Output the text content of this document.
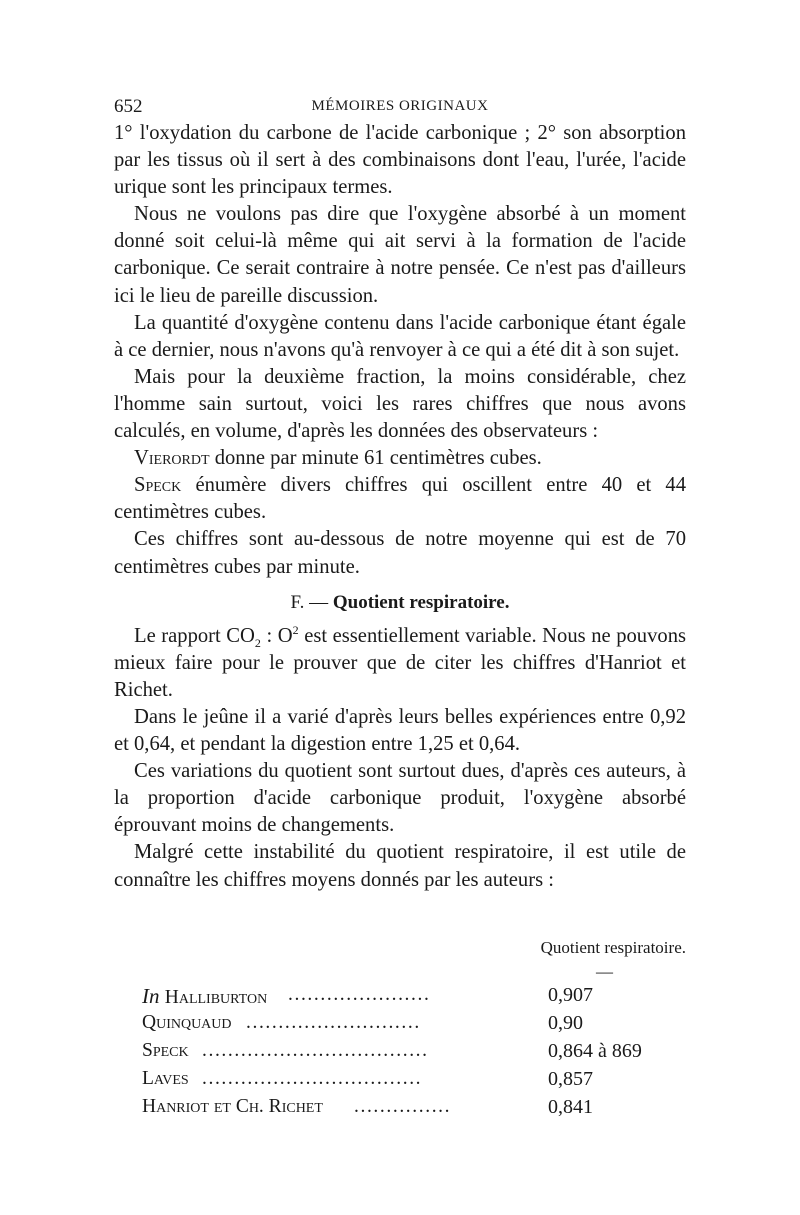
652	MÉMOIRES ORIGINAUX

1° l'oxydation du carbone de l'acide carbonique ; 2° son absorption par les tissus où il sert à des combinaisons dont l'eau, l'urée, l'acide urique sont les principaux termes.

Nous ne voulons pas dire que l'oxygène absorbé à un moment donné soit celui-là même qui ait servi à la formation de l'acide carbonique. Ce serait contraire à notre pensée. Ce n'est pas d'ailleurs ici le lieu de pareille discussion.

La quantité d'oxygène contenu dans l'acide carbonique étant égale à ce dernier, nous n'avons qu'à renvoyer à ce qui a été dit à son sujet.

Mais pour la deuxième fraction, la moins considérable, chez l'homme sain surtout, voici les rares chiffres que nous avons calculés, en volume, d'après les données des observateurs :

Vierordt donne par minute 61 centimètres cubes.

Speck énumère divers chiffres qui oscillent entre 40 et 44 centimètres cubes.

Ces chiffres sont au-dessous de notre moyenne qui est de 70 centimètres cubes par minute.

F. — Quotient respiratoire.

Le rapport $CO_2$ : $O^2$ est essentiellement variable. Nous ne pouvons mieux faire pour le prouver que de citer les chiffres d'Hanriot et Richet.

Dans le jeûne il a varié d'après leurs belles expériences entre 0,92 et 0,64, et pendant la digestion entre 1,25 et 0,64.

Ces variations du quotient sont surtout dues, d'après ces auteurs, à la proportion d'acide carbonique produit, l'oxygène absorbé éprouvant moins de changements.

Malgré cette instabilité du quotient respiratoire, il est utile de connaître les chiffres moyens donnés par les auteurs :

Quotient respiratoire.
—
In Halliburton ......................	0,907
Quinquaud ...........................	0,90
Speck ...................................	0,864 à 869
Laves ..................................	0,857
Hanriot et Ch. Richet ...............	0,841
